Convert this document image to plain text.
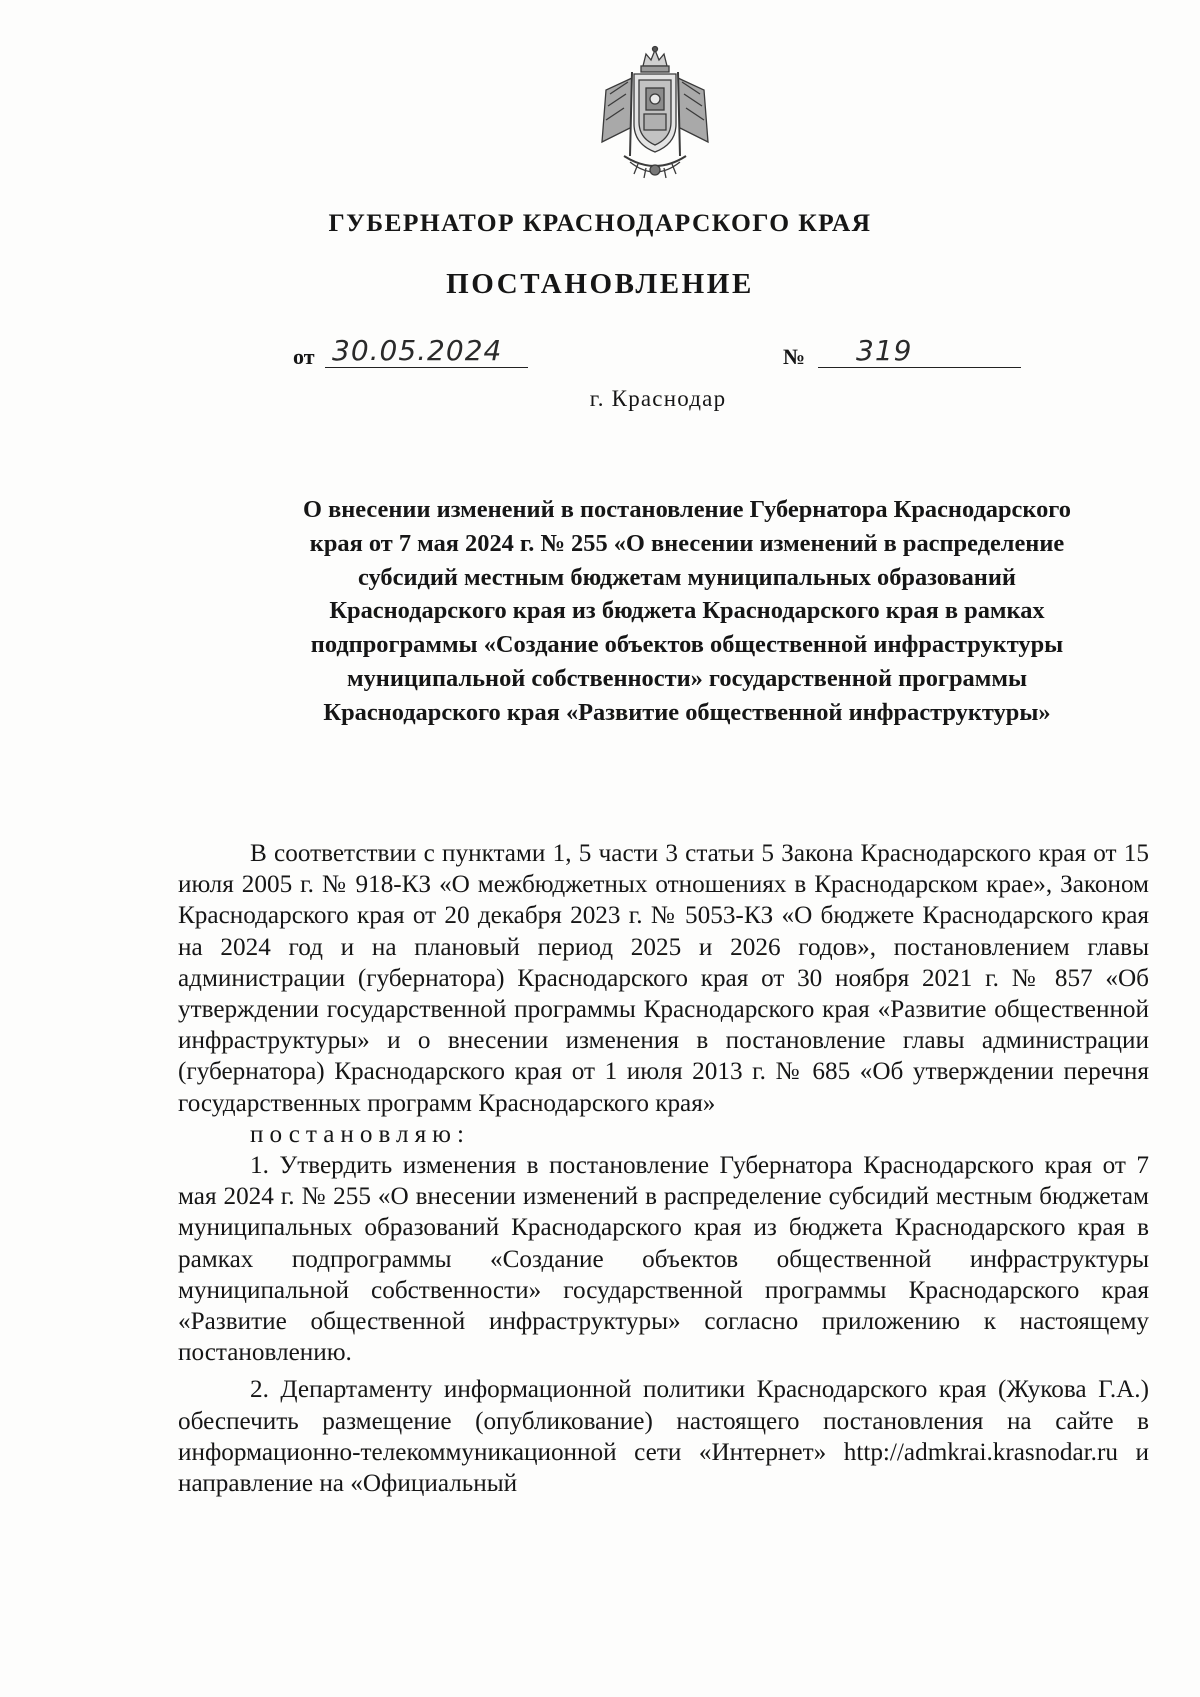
ГУБЕРНАТОР КРАСНОДАРСКОГО КРАЯ
ПОСТАНОВЛЕНИЕ
от 30.05.2024	№ 319
г. Краснодар
О внесении изменений в постановление Губернатора Краснодарского края от 7 мая 2024 г. № 255 «О внесении изменений в распределение субсидий местным бюджетам муниципальных образований Краснодарского края из бюджета Краснодарского края в рамках подпрограммы «Создание объектов общественной инфраструктуры муниципальной собственности» государственной программы Краснодарского края «Развитие общественной инфраструктуры»

В соответствии с пунктами 1, 5 части 3 статьи 5 Закона Краснодарского края от 15 июля 2005 г. № 918-КЗ «О межбюджетных отношениях в Краснодарском крае», Законом Краснодарского края от 20 декабря 2023 г. № 5053-КЗ «О бюджете Краснодарского края на 2024 год и на плановый период 2025 и 2026 годов», постановлением главы администрации (губернатора) Краснодарского края от 30 ноября 2021 г. № 857 «Об утверждении государственной программы Краснодарского края «Развитие общественной инфраструктуры» и о внесении изменения в постановление главы администрации (губернатора) Краснодарского края от 1 июля 2013 г. № 685 «Об утверждении перечня государственных программ Краснодарского края»
постановляю:

1. Утвердить изменения в постановление Губернатора Краснодарского края от 7 мая 2024 г. № 255 «О внесении изменений в распределение субсидий местным бюджетам муниципальных образований Краснодарского края из бюджета Краснодарского края в рамках подпрограммы «Создание объектов общественной инфраструктуры муниципальной собственности» государственной программы Краснодарского края «Развитие общественной инфраструктуры» согласно приложению к настоящему постановлению.

2. Департаменту информационной политики Краснодарского края (Жукова Г.А.) обеспечить размещение (опубликование) настоящего постановления на сайте в информационно-телекоммуникационной сети «Интернет» http://admkrai.krasnodar.ru и направление на «Официальный
